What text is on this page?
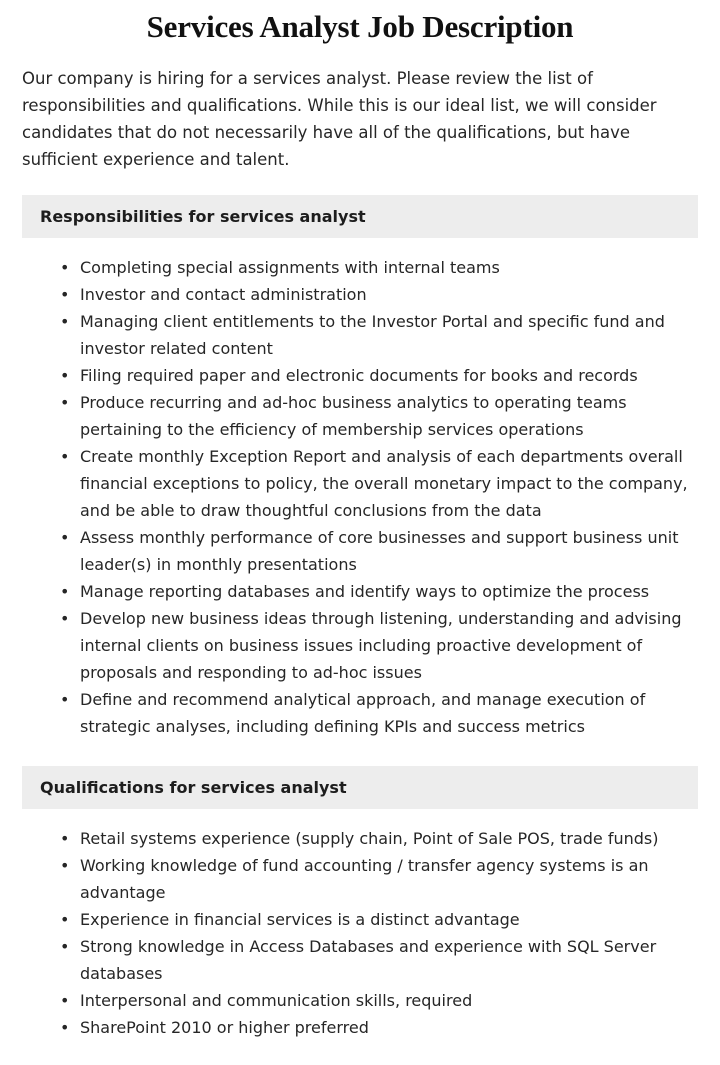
Services Analyst Job Description

Our company is hiring for a services analyst. Please review the list of responsibilities and qualifications. While this is our ideal list, we will consider candidates that do not necessarily have all of the qualifications, but have sufficient experience and talent.

Responsibilities for services analyst
• Completing special assignments with internal teams
• Investor and contact administration
• Managing client entitlements to the Investor Portal and specific fund and investor related content
• Filing required paper and electronic documents for books and records
• Produce recurring and ad-hoc business analytics to operating teams pertaining to the efficiency of membership services operations
• Create monthly Exception Report and analysis of each departments overall financial exceptions to policy, the overall monetary impact to the company, and be able to draw thoughtful conclusions from the data
• Assess monthly performance of core businesses and support business unit leader(s) in monthly presentations
• Manage reporting databases and identify ways to optimize the process
• Develop new business ideas through listening, understanding and advising internal clients on business issues including proactive development of proposals and responding to ad-hoc issues
• Define and recommend analytical approach, and manage execution of strategic analyses, including defining KPIs and success metrics
Qualifications for services analyst
• Retail systems experience (supply chain, Point of Sale POS, trade funds)
• Working knowledge of fund accounting / transfer agency systems is an advantage
• Experience in financial services is a distinct advantage
• Strong knowledge in Access Databases and experience with SQL Server databases
• Interpersonal and communication skills, required
• SharePoint 2010 or higher preferred
